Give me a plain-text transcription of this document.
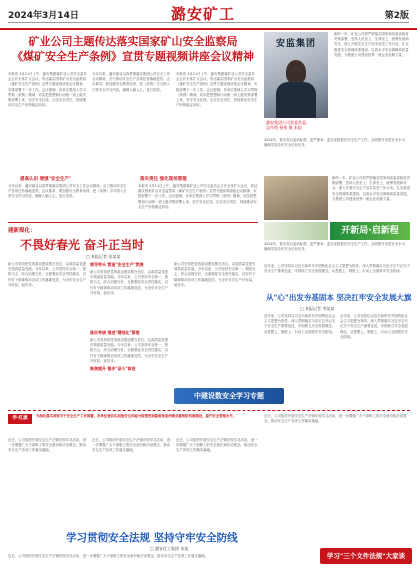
2024年3月14日	潞安矿工	第2版
矿业公司主题传达落实国家矿山安全监察局
《煤矿安全生产条例》宣贯专题视频讲座会议精神
本报讯 3月11日上午，潞安集团煤矿业公司安全委员会召开全体扩大会议，传达落实国家矿山安全监察局《煤矿安全生产条例》宣贯专题视频讲座会议精神，安排部署下一步工作。会议强调，各单位要深入学习贯彻《条例》精神，切实把思想和行动统一到上级决策部署上来，坚守安全红线，压实安全责任，持续推动安全生产形势稳定向好。
今年以来，潞安煤业以真贯彻落实集团公司安全工作会议精神，全力推动安全生产各项任务落地见效。会议要求，要加强安全教育培训，把《条例》学习纳入日常安全学习内容，确保入脑入心、见行见效。
本报讯 3月11日上午，潞安集团煤矿业公司安全委员会召开全体扩大会议，传达落实国家矿山安全监察局《煤矿安全生产条例》宣贯专题视频讲座会议精神，安排部署下一步工作。会议强调，各单位要深入学习贯彻《条例》精神，切实把思想和行动统一到上级决策部署上来，坚守安全红线，压实安全责任，持续推动安全生产形势稳定向好。
提高认识 增强"安全生产"
今年以来，潞安煤业以真贯彻落实集团公司安全工作会议精神，全力推动安全生产各项任务落地见效。会议要求，要加强安全教育培训，把《条例》学习纳入日常安全学习内容，确保入脑入心、见行见效。
落实责任 强化现场管理
本报讯 3月11日上午，潞安集团煤矿业公司安全委员会召开全体扩大会议，传达落实国家矿山安全监察局《煤矿安全生产条例》宣贯专题视频讲座会议精神，安排部署下一步工作。会议强调，各单位要深入学习贯彻《条例》精神，切实把思想和行动统一到上级决策部署上来，坚守安全红线，压实安全责任，持续推动安全生产形势稳定向好。
安监集团
潞安集团公司党委常委、
总经理 杨伟 摄 本报
新的一年，矿业公司将严格落实国家和省委省政府决策部署，坚持人民至上、生命至上，统筹发展和安全，深入开展安全生产治本攻坚三年行动，扎实推进安全管理体系建设，以高水平安全保障高质量发展，为集团公司建设世界一流企业贡献力量。
2024年，我们将以更高标准、更严要求、更实举措抓好安全生产工作，全面提升本质安全水平，确保实现全年安全目标任务。
新的一年，矿业公司将严格落实国家和省委省政府决策部署，坚持人民至上、生命至上，统筹发展和安全，深入开展安全生产治本攻坚三年行动，扎实推进安全管理体系建设，以高水平安全保障高质量发展，为集团公司建设世界一流企业贡献力量。
开新局·启新程
2024年，我们将以更高标准、更严要求、更实举措抓好安全生产工作，全面提升本质安全水平，确保实现全年安全目标任务。
建新煤化：
不畏好春光 奋斗正当时
□ 本报记者 张某某
新公司坚持把党的政治建设摆在首位，以高质量党建引领高质量发展。今年以来，公司坚持安全第一、预防为主、综合治理方针，全面强化安全责任落实，以钉钉子精神推动各项工作落地见效，为全年安全生产开好局、起好步。
领导带头 营造"安全生产"氛围
新公司坚持把党的政治建设摆在首位，以高质量党建引领高质量发展。今年以来，公司坚持安全第一、预防为主、综合治理方针，全面强化安全责任落实，以钉钉子精神推动各项工作落地见效，为全年安全生产开好局、起好步。
落实考核 推进"精细化"管理
新公司坚持把党的政治建设摆在首位，以高质量党建引领高质量发展。今年以来，公司坚持安全第一、预防为主、综合治理方针，全面强化安全责任落实，以钉钉子精神推动各项工作落地见效，为全年安全生产开好局、起好步。
聚焦提升 稳步"奋斗"前进
新公司坚持把党的政治建设摆在首位，以高质量党建引领高质量发展。今年以来，公司坚持安全第一、预防为主、综合治理方针，全面强化安全责任落实，以钉钉子精神推动各项工作落地见效，为全年安全生产开好局、起好步。
近年来，公司坚持以习近平新时代中国特色社会主义思想为指导，深入贯彻落实习近平总书记关于安全生产重要论述，牢固树立安全发展理念，从思想上、制度上、行动上全面筑牢安全防线。
从"心"出发夯基固本 坚决扛牢安全发展大旗
□ 本报记者 李某某
近年来，公司坚持以习近平新时代中国特色社会主义思想为指导，深入贯彻落实习近平总书记关于安全生产重要论述，牢固树立安全发展理念，从思想上、制度上、行动上全面筑牢安全防线。
近年来，公司坚持以习近平新时代中国特色社会主义思想为指导，深入贯彻落实习近平总书记关于安全生产重要论述，牢固树立安全发展理念，从思想上、制度上、行动上全面筑牢安全防线。
中建设数安全学习专题
学·红旗	为深化落实国家关于安全生产工作部署，各单位要切实加强安全风险分级管控和隐患排查治理双重预防机制建设，提升安全管理水平。
近日，公司组织开展安全生产法律法规学习活动，进一步增强广大干部职工的安全意识和法治观念，推动安全生产各项工作落实落地。
近日，公司组织开展安全生产法律法规学习活动，进一步增强广大干部职工的安全意识和法治观念，推动安全生产各项工作落实落地。
近日，公司组织开展安全生产法律法规学习活动，进一步增强广大干部职工的安全意识和法治观念，推动安全生产各项工作落实落地。
近日，公司组织开展安全生产法律法规学习活动，进一步增强广大干部职工的安全意识和法治观念，推动安全生产各项工作落实落地。
学习贯彻安全法规 坚持守牢安全防线
□ 潞安化工集团 本报
近日，公司组织开展安全生产法律法规学习活动，进一步增强广大干部职工的安全意识和法治观念，推动安全生产各项工作落实落地。	学习"三个文件法规"大家谈
